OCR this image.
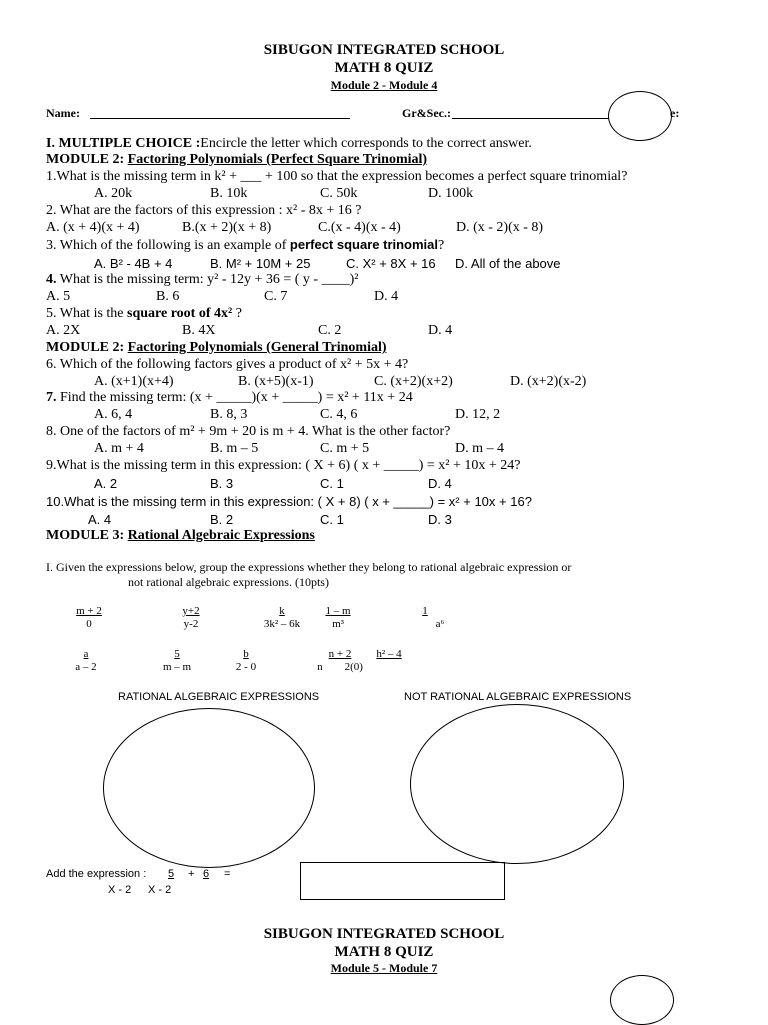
SIBUGON INTEGRATED SCHOOL
MATH 8 QUIZ
Module 2 - Module 4
Name:	Gr&Sec.:	e:
I. MULTIPLE CHOICE :Encircle the letter which corresponds to the correct answer.
MODULE 2: Factoring Polynomials (Perfect Square Trinomial)
1.What is the missing term in k² + ___ + 100 so that the expression becomes a perfect square trinomial?
A. 20k	B. 10k	C. 50k	D. 100k
2. What are the factors of this expression : x² - 8x + 16 ?
A. (x + 4)(x + 4)	B.(x + 2)(x + 8)	C.(x - 4)(x - 4)	D. (x - 2)(x - 8)
3. Which of the following is an example of perfect square trinomial?
A. B² - 4B + 4	B. M² + 10M + 25	C. X² + 8X + 16 D. All of the above
4. What is the missing term: y² - 12y + 36 = ( y - ____)²
A. 5	B. 6	C. 7	D. 4
5. What is the square root of 4x² ?
A. 2X	B. 4X	C. 2	D. 4
MODULE 2: Factoring Polynomials (General Trinomial)
6. Which of the following factors gives a product of x² + 5x + 4?
A. (x+1)(x+4)	B. (x+5)(x-1)	C. (x+2)(x+2)	D. (x+2)(x-2)
7. Find the missing term: (x + _____)(x + _____) = x² + 11x + 24
A. 6, 4	B. 8, 3	C. 4, 6	D. 12, 2
8. One of the factors of m² + 9m + 20 is m + 4. What is the other factor?
A. m + 4	B. m – 5	C. m + 5	D. m – 4
9.What is the missing term in this expression: ( X + 6) ( x + _____) = x² + 10x + 24?
A. 2	B. 3	C. 1	D. 4
10.What is the missing term in this expression: ( X + 8) ( x + _____) = x² + 10x + 16?
A. 4	B. 2	C. 1	D. 3
MODULE 3: Rational Algebraic Expressions
I. Given the expressions below, group the expressions whether they belong to rational algebraic expression or
not rational algebraic expressions. (10pts)
$\frac{m + 2}{0}$	$\frac{y+2}{y-2}$	$\frac{k}{\text{3k² – 6k}} \frac{1 - m}{\text{m³}}$	1
a⁶
$\frac{a}{a - 2}$	$\frac{5}{m - m} \frac{b}{2 - 0}$	$\frac{n + 2}{n 2(0)}$
h² – 4
RATIONAL ALGEBRAIC EXPRESSIONS	NOT RATIONAL ALGEBRAIC EXPRESSIONS
Add the expression : 5 + 6 =
X - 2 X - 2
SIBUGON INTEGRATED SCHOOL
MATH 8 QUIZ
Module 5 - Module 7
